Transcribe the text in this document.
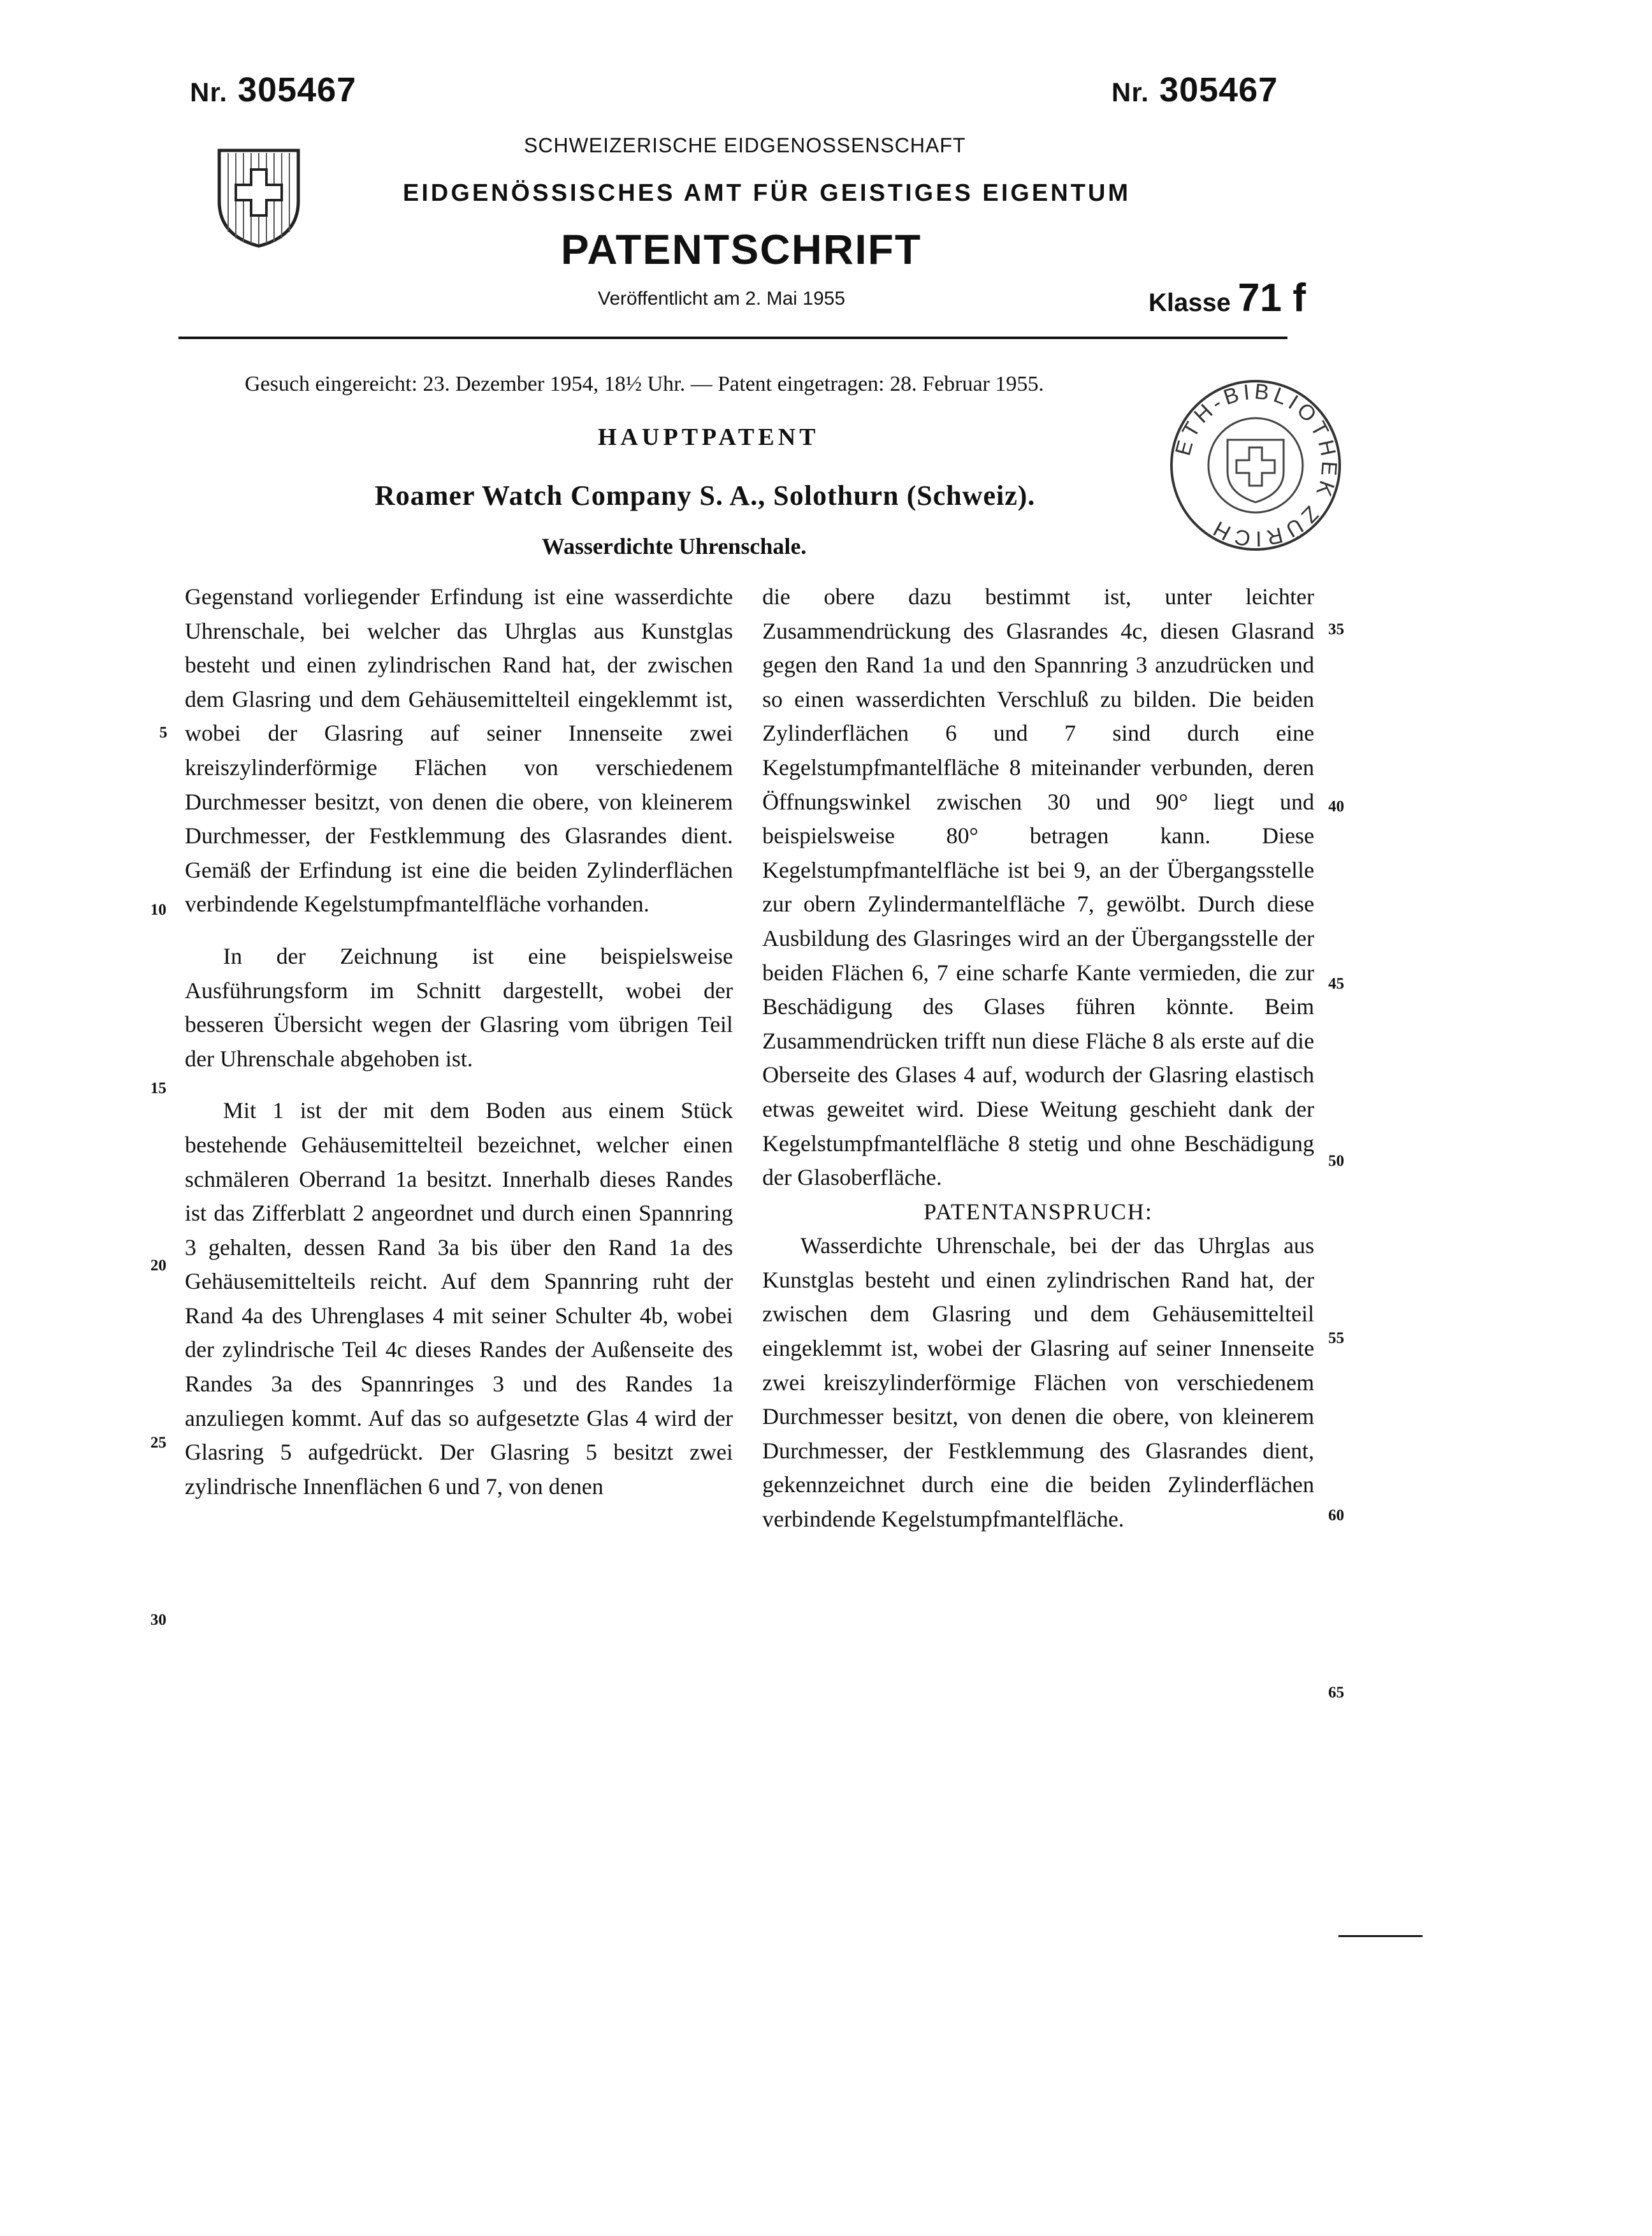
Nr. 305467	Nr. 305467
SCHWEIZERISCHE EIDGENOSSENSCHAFT
EIDGENÖSSISCHES AMT FÜR GEISTIGES EIGENTUM
PATENTSCHRIFT
Veröffentlicht am 2. Mai 1955	Klasse 71 f
Gesuch eingereicht: 23. Dezember 1954, 18½ Uhr. — Patent eingetragen: 28. Februar 1955.
ETH-BIBLIOTHEK ZÜRICH
HAUPTPATENT
Roamer Watch Company S. A., Solothurn (Schweiz).
Wasserdichte Uhrenschale.

Gegenstand vorliegender Erfindung ist eine wasserdichte Uhrenschale, bei welcher das Uhrglas aus Kunstglas besteht und einen zylindrischen Rand hat, der zwischen dem Glasring und dem Gehäusemittelteil eingeklemmt ist, wobei der Glasring auf seiner Innenseite zwei kreiszylinderförmige Flächen von verschiedenem Durchmesser besitzt, von denen die obere, von kleinerem Durchmesser, der Festklemmung des Glasrandes dient. Gemäß der Erfindung ist eine die beiden Zylinderflächen verbindende Kegelstumpfmantelfläche vorhanden.

In der Zeichnung ist eine beispielsweise Ausführungsform im Schnitt dargestellt, wobei der besseren Übersicht wegen der Glasring vom übrigen Teil der Uhrenschale abgehoben ist.

Mit 1 ist der mit dem Boden aus einem Stück bestehende Gehäusemittelteil bezeichnet, welcher einen schmäleren Oberrand 1a besitzt. Innerhalb dieses Randes ist das Zifferblatt 2 angeordnet und durch einen Spannring 3 gehalten, dessen Rand 3a bis über den Rand 1a des Gehäusemittelteils reicht. Auf dem Spannring ruht der Rand 4a des Uhrenglases 4 mit seiner Schulter 4b, wobei der zylindrische Teil 4c dieses Randes der Außenseite des Randes 3a des Spannringes 3 und des Randes 1a anzuliegen kommt. Auf das so aufgesetzte Glas 4 wird der Glasring 5 aufgedrückt. Der Glasring 5 besitzt zwei zylindrische Innenflächen 6 und 7, von denen

die obere dazu bestimmt ist, unter leichter Zusammendrückung des Glasrandes 4c, diesen Glasrand gegen den Rand 1a und den Spannring 3 anzudrücken und so einen wasserdichten Verschluß zu bilden. Die beiden Zylinderflächen 6 und 7 sind durch eine Kegelstumpfmantelfläche 8 miteinander verbunden, deren Öffnungswinkel zwischen 30 und 90° liegt und beispielsweise 80° betragen kann. Diese Kegelstumpfmantelfläche ist bei 9, an der Übergangsstelle zur obern Zylindermantelfläche 7, gewölbt. Durch diese Ausbildung des Glasringes wird an der Übergangsstelle der beiden Flächen 6, 7 eine scharfe Kante vermieden, die zur Beschädigung des Glases führen könnte. Beim Zusammendrücken trifft nun diese Fläche 8 als erste auf die Oberseite des Glases 4 auf, wodurch der Glasring elastisch etwas geweitet wird. Diese Weitung geschieht dank der Kegelstumpfmantelfläche 8 stetig und ohne Beschädigung der Glasoberfläche.

PATENTANSPRUCH:

Wasserdichte Uhrenschale, bei der das Uhrglas aus Kunstglas besteht und einen zylindrischen Rand hat, der zwischen dem Glasring und dem Gehäusemittelteil eingeklemmt ist, wobei der Glasring auf seiner Innenseite zwei kreiszylinderförmige Flächen von verschiedenem Durchmesser besitzt, von denen die obere, von kleinerem Durchmesser, der Festklemmung des Glasrandes dient, gekennzeichnet durch eine die beiden Zylinderflächen verbindende Kegelstumpfmantelfläche.

5
10
15
20
25
30
35
40
45
50
55
60
65
